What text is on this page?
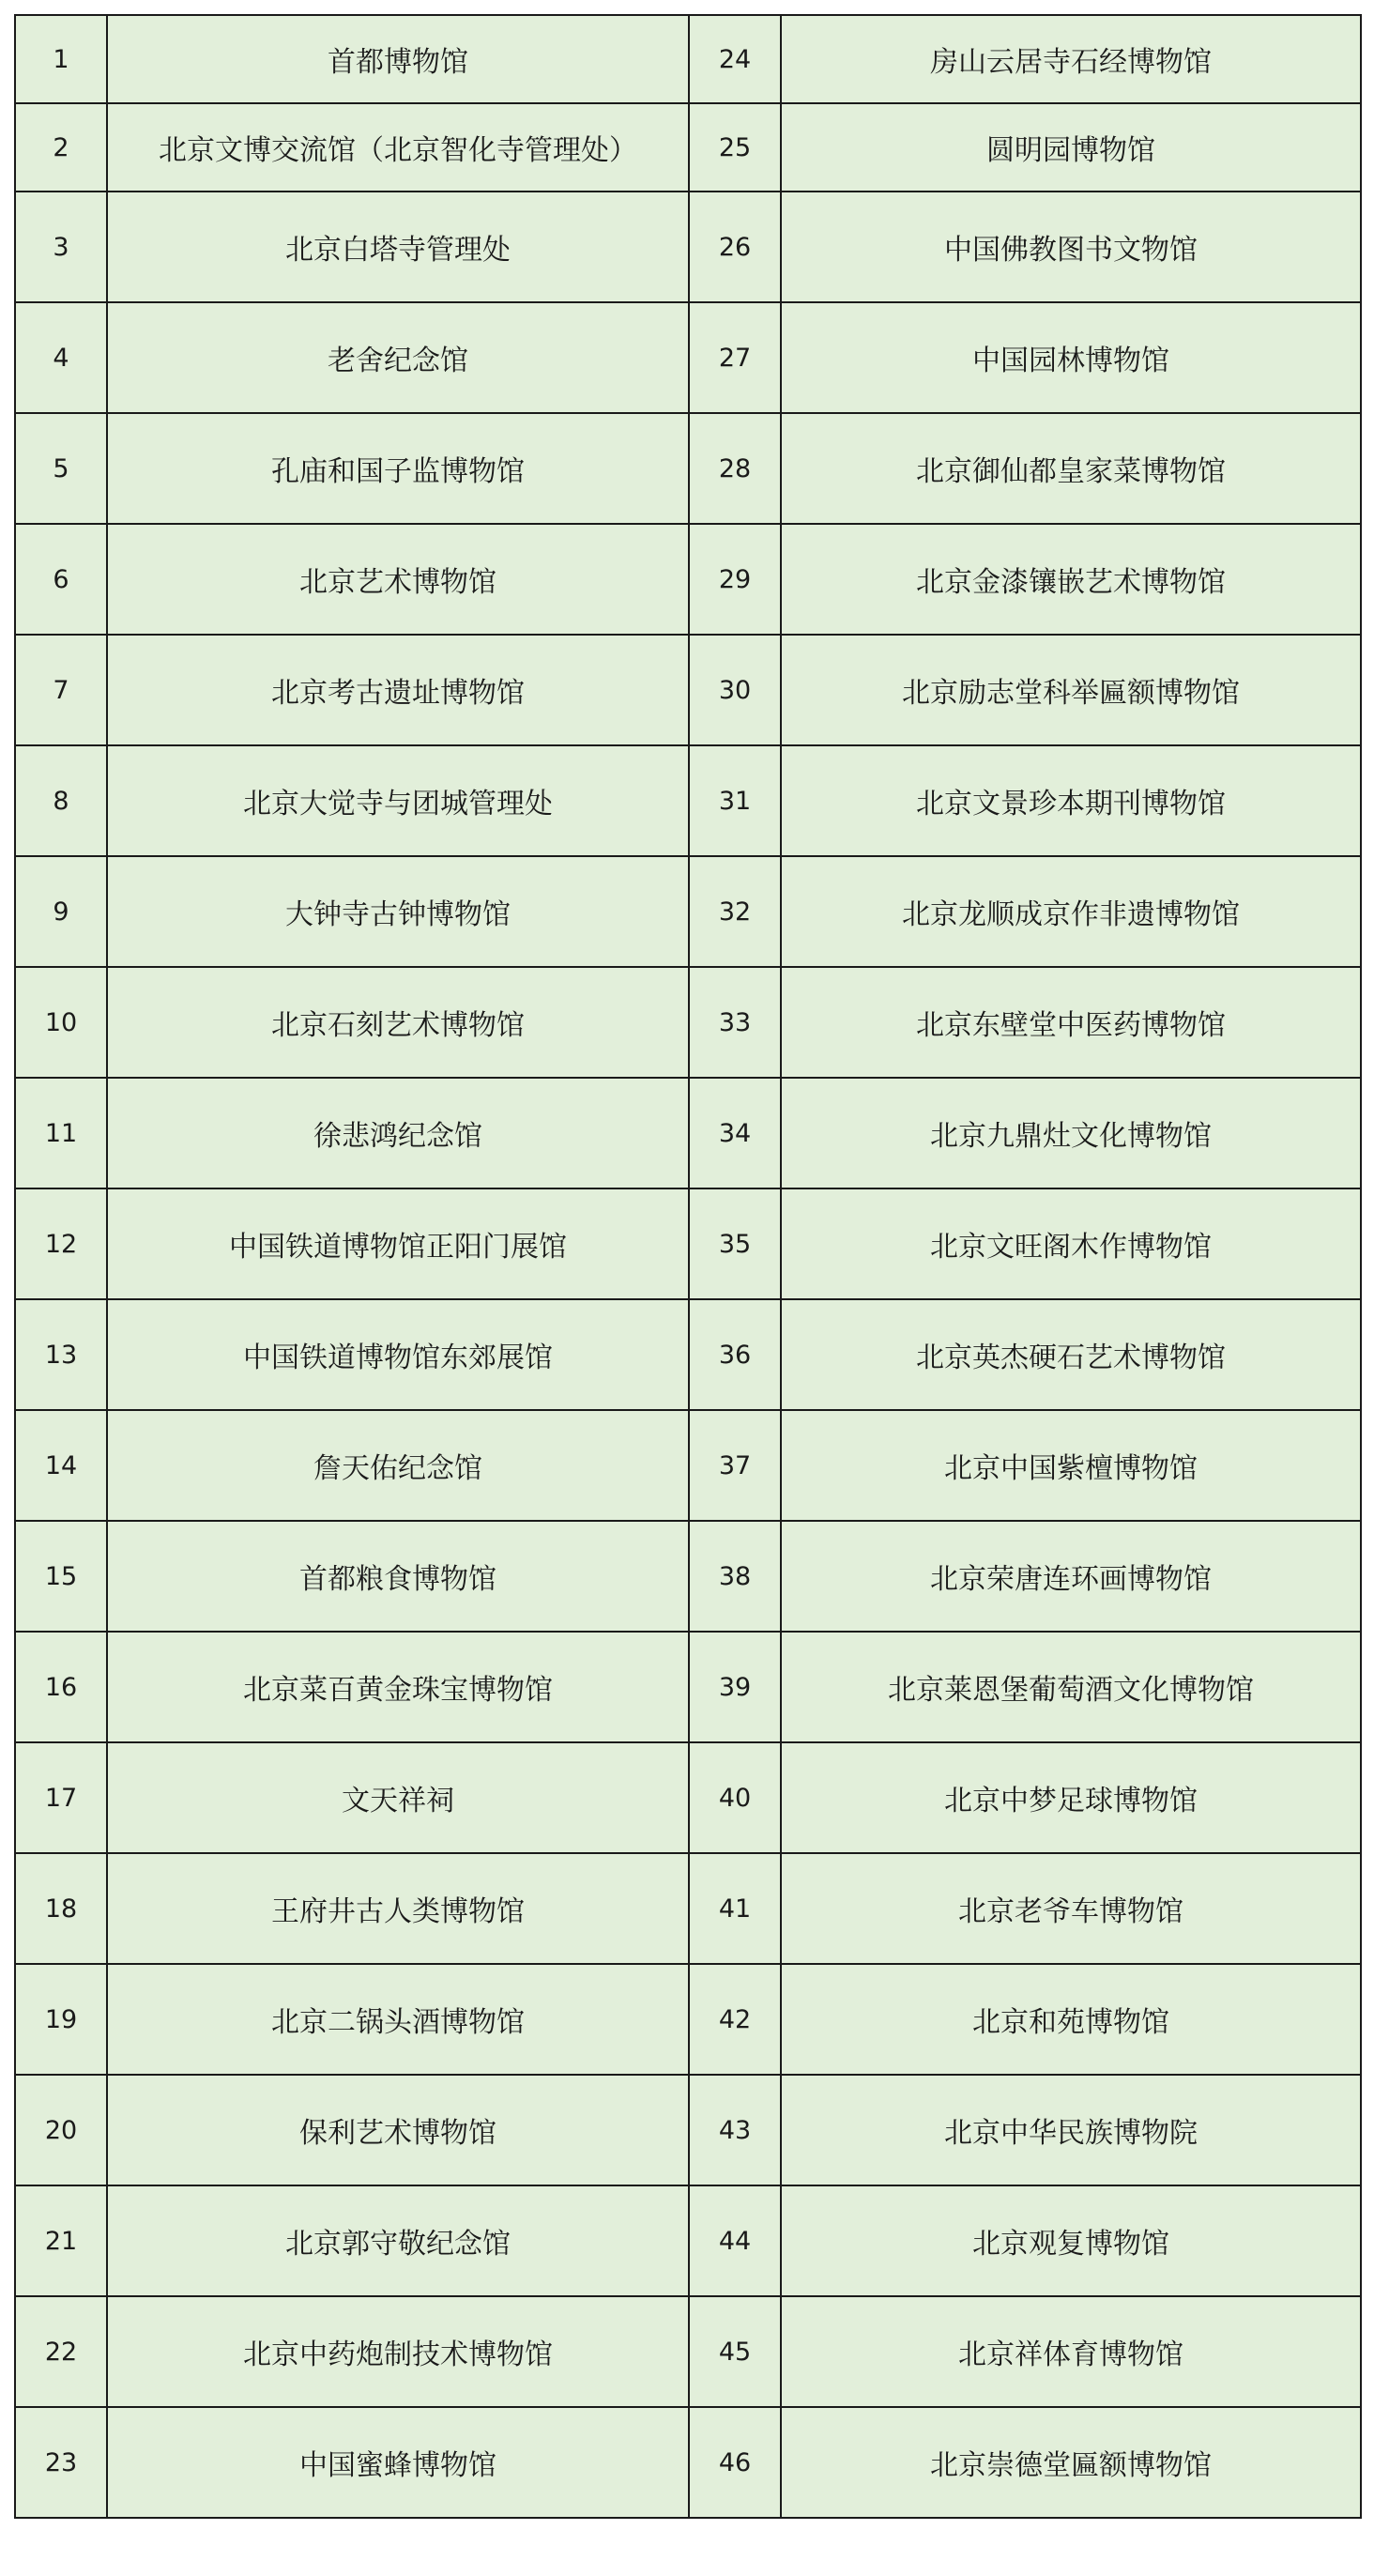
1	首都博物馆	24	房山云居寺石经博物馆
2	北京文博交流馆（北京智化寺管理处）	25	圆明园博物馆
3	北京白塔寺管理处	26	中国佛教图书文物馆
4	老舍纪念馆	27	中国园林博物馆
5	孔庙和国子监博物馆	28	北京御仙都皇家菜博物馆
6	北京艺术博物馆	29	北京金漆镶嵌艺术博物馆
7	北京考古遗址博物馆	30	北京励志堂科举匾额博物馆
8	北京大觉寺与团城管理处	31	北京文景珍本期刊博物馆
9	大钟寺古钟博物馆	32	北京龙顺成京作非遗博物馆
10	北京石刻艺术博物馆	33	北京东壁堂中医药博物馆
11	徐悲鸿纪念馆	34	北京九鼎灶文化博物馆
12	中国铁道博物馆正阳门展馆	35	北京文旺阁木作博物馆
13	中国铁道博物馆东郊展馆	36	北京英杰硬石艺术博物馆
14	詹天佑纪念馆	37	北京中国紫檀博物馆
15	首都粮食博物馆	38	北京荣唐连环画博物馆
16	北京菜百黄金珠宝博物馆	39	北京莱恩堡葡萄酒文化博物馆
17	文天祥祠	40	北京中梦足球博物馆
18	王府井古人类博物馆	41	北京老爷车博物馆
19	北京二锅头酒博物馆	42	北京和苑博物馆
20	保利艺术博物馆	43	北京中华民族博物院
21	北京郭守敬纪念馆	44	北京观复博物馆
22	北京中药炮制技术博物馆	45	北京祥体育博物馆
23	中国蜜蜂博物馆	46	北京崇德堂匾额博物馆
